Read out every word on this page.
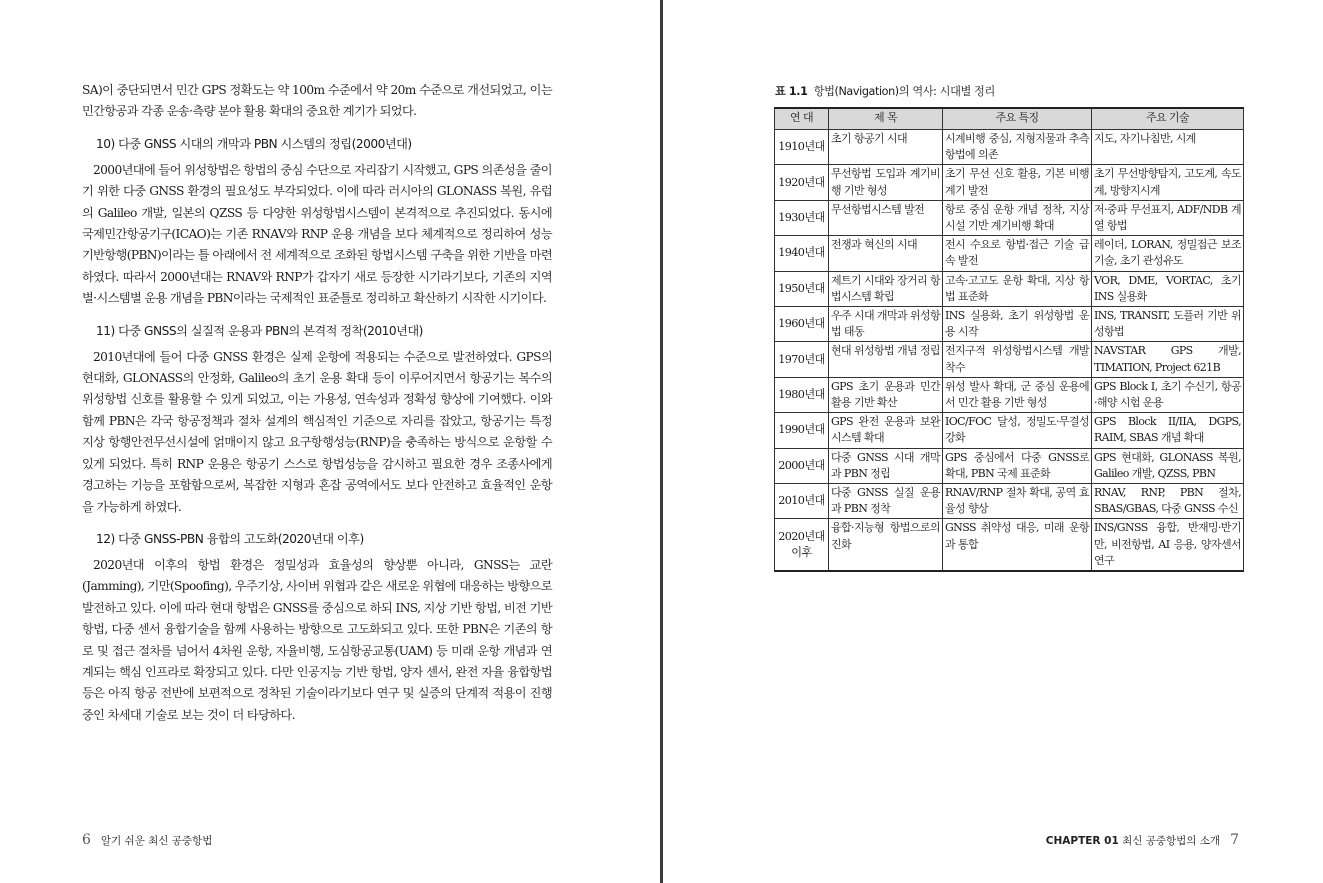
SA)이 중단되면서 민간 GPS 정확도는 약 100m 수준에서 약 20m 수준으로 개선되었고, 이는 민간항공과 각종 운송·측량 분야 활용 확대의 중요한 계기가 되었다.

10) 다중 GNSS 시대의 개막과 PBN 시스템의 정립(2000년대)

2000년대에 들어 위성항법은 항법의 중심 수단으로 자리잡기 시작했고, GPS 의존성을 줄이기 위한 다중 GNSS 환경의 필요성도 부각되었다. 이에 따라 러시아의 GLONASS 복원, 유럽의 Galileo 개발, 일본의 QZSS 등 다양한 위성항법시스템이 본격적으로 추진되었다. 동시에 국제민간항공기구(ICAO)는 기존 RNAV와 RNP 운용 개념을 보다 체계적으로 정리하여 성능기반항행(PBN)이라는 틀 아래에서 전 세계적으로 조화된 항법시스템 구축을 위한 기반을 마련하였다. 따라서 2000년대는 RNAV와 RNP가 갑자기 새로 등장한 시기라기보다, 기존의 지역별·시스템별 운용 개념을 PBN이라는 국제적인 표준틀로 정리하고 확산하기 시작한 시기이다.

11) 다중 GNSS의 실질적 운용과 PBN의 본격적 정착(2010년대)

2010년대에 들어 다중 GNSS 환경은 실제 운항에 적용되는 수준으로 발전하였다. GPS의 현대화, GLONASS의 안정화, Galileo의 초기 운용 확대 등이 이루어지면서 항공기는 복수의 위성항법 신호를 활용할 수 있게 되었고, 이는 가용성, 연속성과 정확성 향상에 기여했다. 이와 함께 PBN은 각국 항공정책과 절차 설계의 핵심적인 기준으로 자리를 잡았고, 항공기는 특정 지상 항행안전무선시설에 얽매이지 않고 요구항행성능(RNP)을 충족하는 방식으로 운항할 수 있게 되었다. 특히 RNP 운용은 항공기 스스로 항법성능을 감시하고 필요한 경우 조종사에게 경고하는 기능을 포함함으로써, 복잡한 지형과 혼잡 공역에서도 보다 안전하고 효율적인 운항을 가능하게 하였다.

12) 다중 GNSS-PBN 융합의 고도화(2020년대 이후)

2020년대 이후의 항법 환경은 정밀성과 효율성의 향상뿐 아니라, GNSS는 교란(Jamming), 기만(Spoofing), 우주기상, 사이버 위협과 같은 새로운 위협에 대응하는 방향으로 발전하고 있다. 이에 따라 현대 항법은 GNSS를 중심으로 하되 INS, 지상 기반 항법, 비전 기반 항법, 다중 센서 융합기술을 함께 사용하는 방향으로 고도화되고 있다. 또한 PBN은 기존의 항로 및 접근 절차를 넘어서 4차원 운항, 자율비행, 도심항공교통(UAM) 등 미래 운항 개념과 연계되는 핵심 인프라로 확장되고 있다. 다만 인공지능 기반 항법, 양자 센서, 완전 자율 융합항법 등은 아직 항공 전반에 보편적으로 정착된 기술이라기보다 연구 및 실증의 단계적 적용이 진행 중인 차세대 기술로 보는 것이 더 타당하다.

6 알기 쉬운 최신 공중항법
표 1.1 항법(Navigation)의 역사: 시대별 정리
연 대	제 목	주요 특징	주요 기술
1910년대	초기 항공기 시대	시계비행 중심, 지형지물과 추측항법에 의존	지도, 자기나침반, 시계
1920년대	무선항법 도입과 계기비행 기반 형성	초기 무선 신호 활용, 기본 비행계기 발전	초기 무선방향탐지, 고도계, 속도계, 방향지시계
1930년대	무선항법시스템 발전	항로 중심 운항 개념 정착, 지상시설 기반 계기비행 확대	저·중파 무선표지, ADF/NDB 계열 항법
1940년대	전쟁과 혁신의 시대	전시 수요로 항법·접근 기술 급속 발전	레이더, LORAN, 정밀접근 보조기술, 초기 관성유도
1950년대	제트기 시대와 장거리 항법시스템 확립	고속·고고도 운항 확대, 지상 항법 표준화	VOR, DME, VORTAC, 초기 INS 실용화
1960년대	우주 시대 개막과 위성항법 태동	INS 실용화, 초기 위성항법 운용 시작	INS, TRANSIT, 도플러 기반 위성항법
1970년대	현대 위성항법 개념 정립	전지구적 위성항법시스템 개발 착수	NAVSTAR GPS 개발, TIMATION, Project 621B
1980년대	GPS 초기 운용과 민간 활용 기반 확산	위성 발사 확대, 군 중심 운용에서 민간 활용 기반 형성	GPS Block I, 초기 수신기, 항공·해양 시험 운용
1990년대	GPS 완전 운용과 보완 시스템 확대	IOC/FOC 달성, 정밀도·무결성 강화	GPS Block II/IIA, DGPS, RAIM, SBAS 개념 확대
2000년대	다중 GNSS 시대 개막과 PBN 정립	GPS 중심에서 다중 GNSS로 확대, PBN 국제 표준화	GPS 현대화, GLONASS 복원, Galileo 개발, QZSS, PBN
2010년대	다중 GNSS 실질 운용과 PBN 정착	RNAV/RNP 절차 확대, 공역 효율성 향상	RNAV, RNP, PBN 절차, SBAS/GBAS, 다중 GNSS 수신
2020년대 이후	융합·지능형 항법으로의 진화	GNSS 취약성 대응, 미래 운항과 통합	INS/GNSS 융합, 반재밍·반기만, 비전항법, AI 응용, 양자센서 연구
CHAPTER 01 최신 공중항법의 소개 7
